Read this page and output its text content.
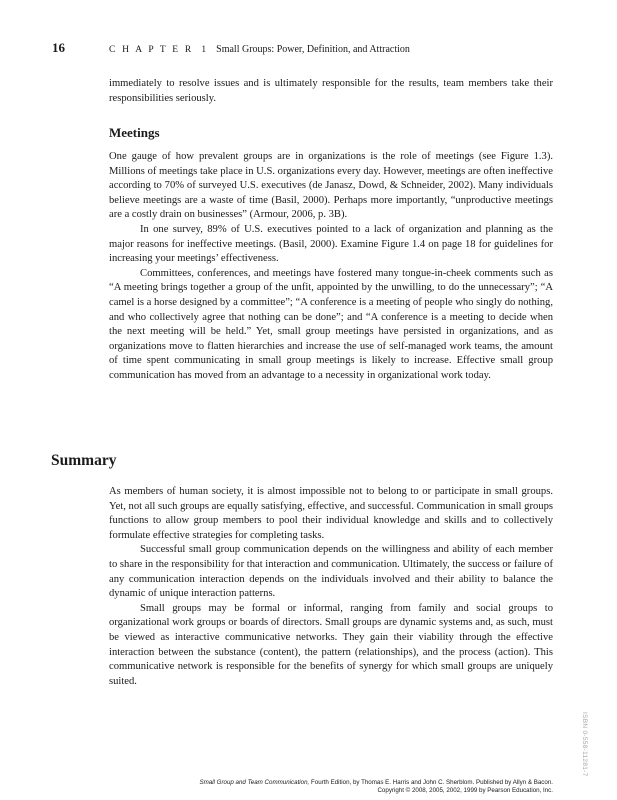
16	C H A P T E R 1 Small Groups: Power, Definition, and Attraction

immediately to resolve issues and is ultimately responsible for the results, team members take their responsibilities seriously.

Meetings

One gauge of how prevalent groups are in organizations is the role of meetings (see Figure 1.3). Millions of meetings take place in U.S. organizations every day. However, meetings are often ineffective according to 70% of surveyed U.S. executives (de Janasz, Dowd, & Schneider, 2002). Many individuals believe meetings are a waste of time (Basil, 2000). Perhaps more importantly, “unproductive meetings are a costly drain on businesses” (Armour, 2006, p. 3B).

In one survey, 89% of U.S. executives pointed to a lack of organization and planning as the major reasons for ineffective meetings. (Basil, 2000). Examine Figure 1.4 on page 18 for guidelines for increasing your meetings’ effectiveness.

Committees, conferences, and meetings have fostered many tongue-in-cheek comments such as “A meeting brings together a group of the unfit, appointed by the unwilling, to do the unnecessary”; “A camel is a horse designed by a committee”; “A conference is a meeting of people who singly do nothing, and who collectively agree that nothing can be done”; and “A conference is a meeting to decide when the next meeting will be held.” Yet, small group meetings have persisted in organizations, and as organizations move to flatten hierarchies and increase the use of self-managed work teams, the amount of time spent communicating in small group meetings is likely to increase. Effective small group communication has moved from an advantage to a necessity in organizational work today.

Summary

As members of human society, it is almost impossible not to belong to or participate in small groups. Yet, not all such groups are equally satisfying, effective, and successful. Communication in small groups functions to allow group members to pool their individual knowledge and skills and to collectively formulate effective strategies for completing tasks.

Successful small group communication depends on the willingness and ability of each member to share in the responsibility for that interaction and communication. Ultimately, the success or failure of any communication interaction depends on the individuals involved and their ability to balance the dynamic of unique interaction patterns.

Small groups may be formal or informal, ranging from family and social groups to organizational work groups or boards of directors. Small groups are dynamic systems and, as such, must be viewed as interactive communicative networks. They gain their viability through the effective interaction between the substance (content), the pattern (relationships), and the process (action). This communicative network is responsible for the benefits of synergy for which small groups are uniquely suited.

ISBN 0-558-11281-7

Small Group and Team Communication, Fourth Edition, by Thomas E. Harris and John C. Sherblom. Published by Allyn & Bacon.

Copyright © 2008, 2005, 2002, 1999 by Pearson Education, Inc.
